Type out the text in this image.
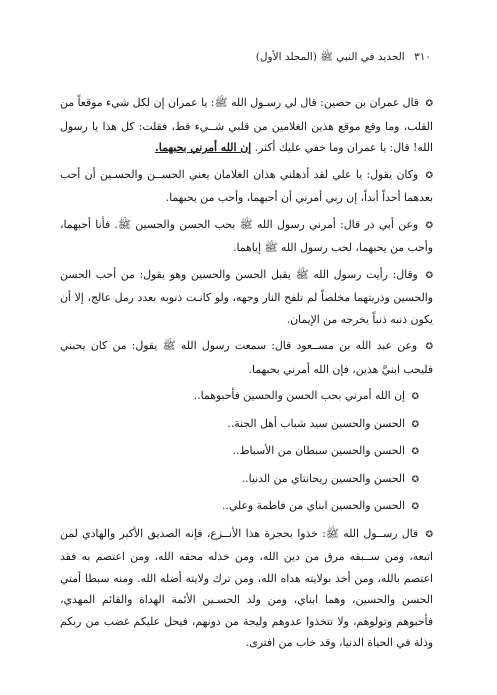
٣١٠ الجديد في النبي ﷺ (المجلد الأول)

✪ قال عمران بن حصين: قال لي رسـول الله ﷺ: يا عمران إن لكل شيء موقعاً من القلب، وما وقع موقع هذين الغلامين من قلبي شــيء قط، فقلت: كل هذا يا رسول الله! قال: يا عمران وما خفي عليك أكثر. إن الله أمرني بحبهما.

✪ وكان يقول: يا علي لقد أذهلني هذان الغلامان يعني الحســن والحسـين أن أحب بعدهما أحداً أبداً، إن ربي أمرني أن أحبهما، وأحب من يحبهما.

✪ وعن أبي ذر قال: أمرني رسول الله ﷺ بحب الحسن والحسين ﷺ. فأنا أحبهما، وأحب من يحبهما، لحب رسول الله ﷺ إياهما.

✪ وقال: رأيت رسول الله ﷺ يقبل الحسن والحسين وهو يقول: من أحب الحسن والحسين وذريتهما مخلصاً لم تلفح النار وجهه، ولو كانـت ذنوبه بعدد رمل عالج، إلا أن يكون ذنبه ذنباً يخرجه من الإيمان.

✪ وعن عبد الله بن مســعود قال: سمعت رسول الله ﷺ يقول: من كان يحبني فليحب ابنيَّ هذين، فإن الله أمرني بحبهما.

✪ إن الله أمرني بحب الحسن والحسين فأحبوهما..

✪ الحسن والحسين سيد شباب أهل الجنة..

✪ الحسن والحسين سبطان من الأسباط..

✪ الحسن والحسين ريحانتاي من الدنيا..

✪ الحسن والحسين ابناي من فاطمة وعلي..

✪ قال رســول الله ﷺ: خذوا بحجزة هذا الأنــزع، فإنه الصديق الأكبر والهادي لمن اتبعه، ومن ســبقه مرق من دين الله، ومن خذله محقه الله، ومن اعتصم به فقد اعتصم بالله، ومن أخذ بولايته هداه الله، ومن ترك ولايته أضله الله. ومنه سبطا أمتي الحسن والحسين، وهما ابناي، ومن ولد الحسـين الأئمة الهداة والقائم المهدي، فأحبوهم وتولوهم، ولا تتخذوا عدوهم وليجة من دونهم، فيحل عليكم غضب من ربكم وذلة في الحياة الدنيا، وقد خاب من افترى.
